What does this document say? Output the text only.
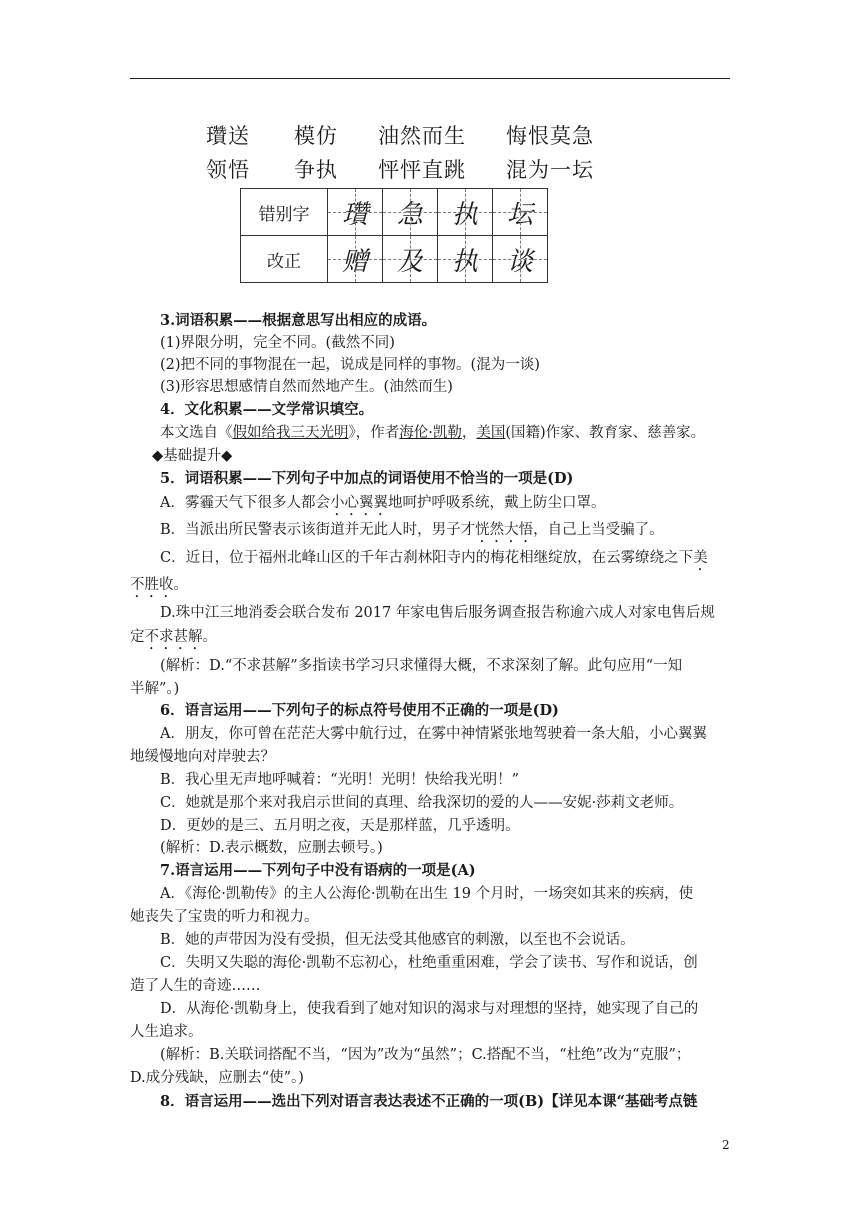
瓚送 模仿 油然而生 悔恨莫急
领悟 争执 怦怦直跳 混为一坛
错别字	瓚	急	执	坛
改正	赠	及	执	谈
3.词语积累——根据意思写出相应的成语。
(1)界限分明，完全不同。(截然不同)
(2)把不同的事物混在一起，说成是同样的事物。(混为一谈)
(3)形容思想感情自然而然地产生。(油然而生)
4．文化积累——文学常识填空。
本文选自《假如给我三天光明》，作者海伦·凯勒，美国(国籍)作家、教育家、慈善家。
◆基础提升◆
5．词语积累——下列句子中加点的词语使用不恰当的一项是(D)
A．雾霾天气下很多人都会小心翼翼地呵护呼吸系统，戴上防尘口罩。
B．当派出所民警表示该街道并无此人时，男子才恍然大悟，自己上当受骗了。
C．近日，位于福州北峰山区的千年古刹林阳寺内的梅花相继绽放，在云雾缭绕之下美
不胜收。
D.珠中江三地消委会联合发布 2017 年家电售后服务调查报告称逾六成人对家电售后规
定不求甚解。
(解析：D.“不求甚解”多指读书学习只求懂得大概，不求深刻了解。此句应用“一知
半解”。)
6．语言运用——下列句子的标点符号使用不正确的一项是(D)
A．朋友，你可曾在茫茫大雾中航行过，在雾中神情紧张地驾驶着一条大船，小心翼翼
地缓慢地向对岸驶去？
B．我心里无声地呼喊着：“光明！光明！快给我光明！”
C．她就是那个来对我启示世间的真理、给我深切的爱的人——安妮·莎莉文老师。
D．更妙的是三、五月明之夜，天是那样蓝，几乎透明。
(解析：D.表示概数，应删去顿号。)
7.语言运用——下列句子中没有语病的一项是(A)
A．《海伦·凯勒传》的主人公海伦·凯勒在出生 19 个月时，一场突如其来的疾病，使
她丧失了宝贵的听力和视力。
B．她的声带因为没有受损，但无法受其他感官的刺激，以至也不会说话。
C．失明又失聪的海伦·凯勒不忘初心，杜绝重重困难，学会了读书、写作和说话，创
造了人生的奇迹……
D．从海伦·凯勒身上，使我看到了她对知识的渴求与对理想的坚持，她实现了自己的
人生追求。
(解析：B.关联词搭配不当，“因为”改为“虽然”；C.搭配不当，“杜绝”改为“克服”；
D.成分残缺，应删去“使”。)
8．语言运用——选出下列对语言表达表述不正确的一项(B)【详见本课“基础考点链
2
